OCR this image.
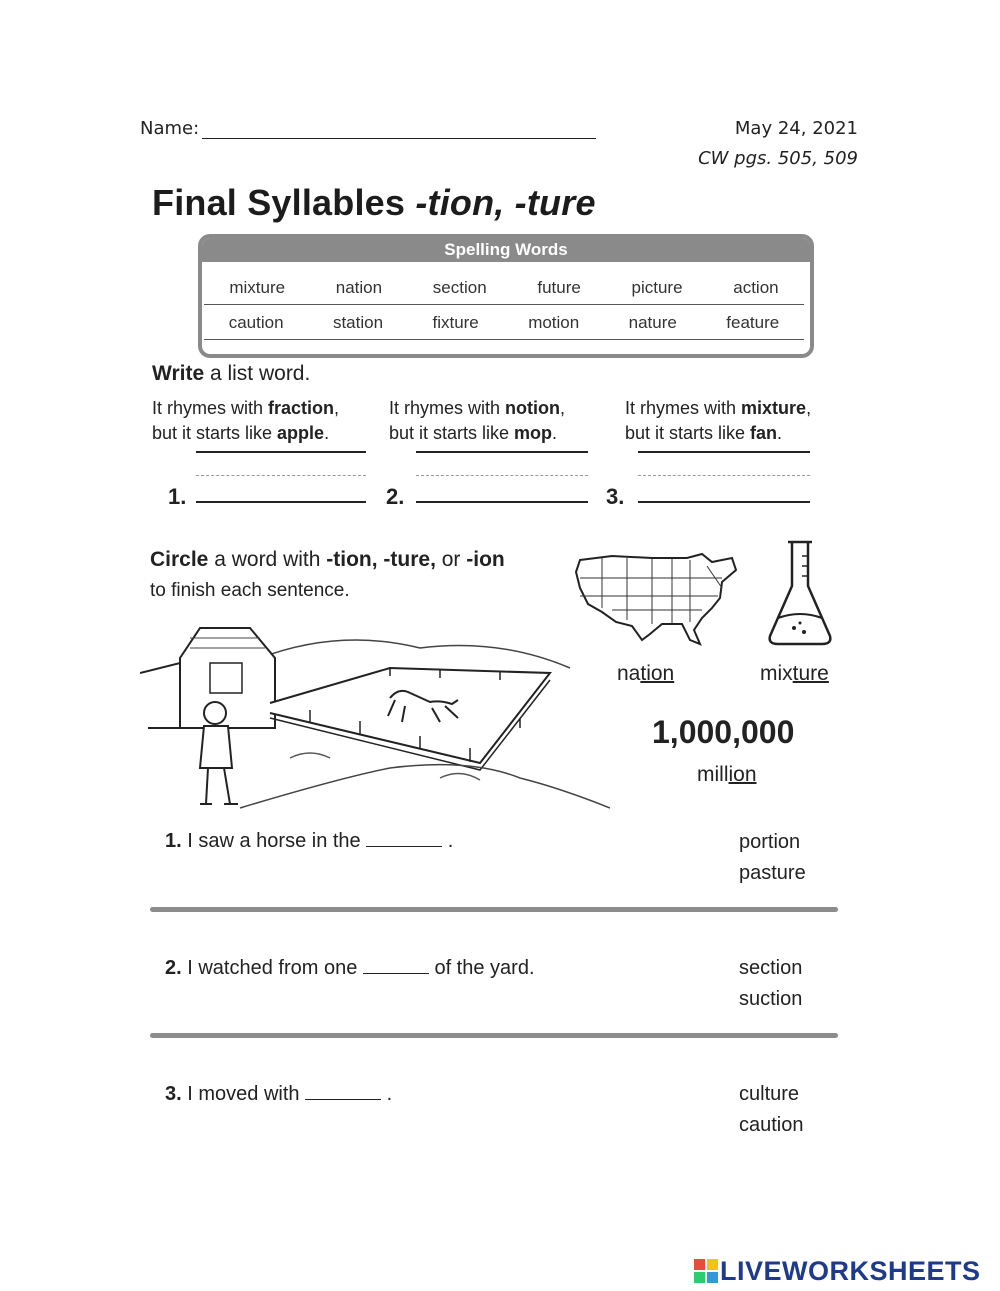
Name:	May 24, 2021
CW pgs. 505, 509
Final Syllables -tion, -ture
Spelling Words
mixture	nation	section	future	picture	action
caution	station	fixture	motion	nature	feature
Write a list word.
It rhymes with fraction,
but it starts like apple.
It rhymes with notion,
but it starts like mop.
It rhymes with mixture,
but it starts like fan.
1.	2.	3.
Circle a word with -tion, -ture, or -ion
to finish each sentence.
nation	mixture
1,000,000
million
1. I saw a horse in the	.	portion
pasture
2. I watched from one	of the yard.	section
suction
3. I moved with	.	culture
caution
LIVEWORKSHEETS
